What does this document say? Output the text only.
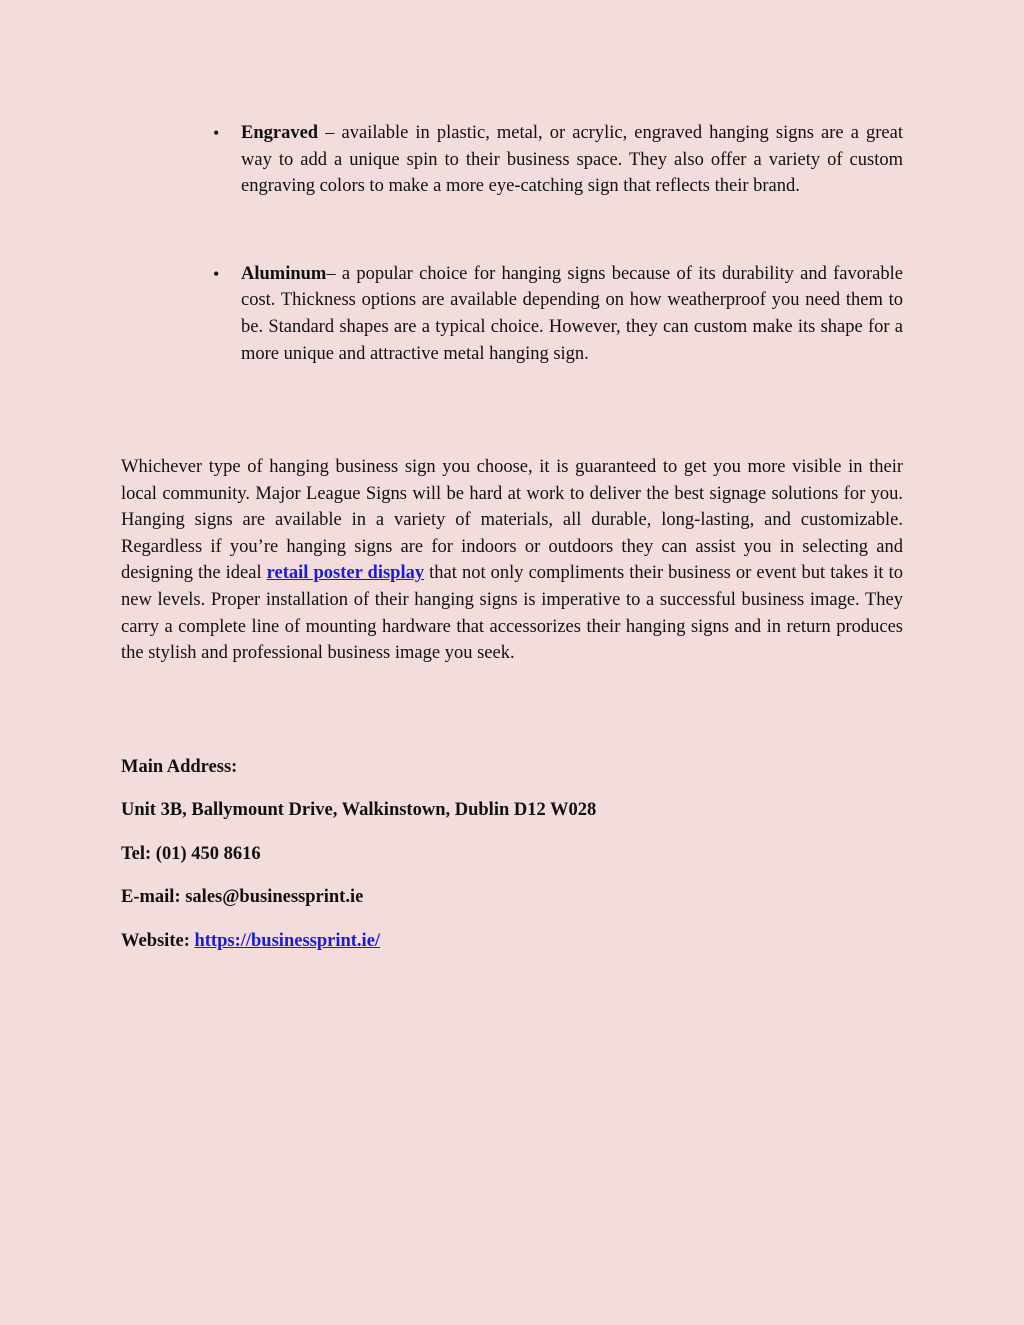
• Engraved – available in plastic, metal, or acrylic, engraved hanging signs are a great way to add a unique spin to their business space. They also offer a variety of custom engraving colors to make a more eye-catching sign that reflects their brand.
• Aluminum– a popular choice for hanging signs because of its durability and favorable cost. Thickness options are available depending on how weatherproof you need them to be. Standard shapes are a typical choice. However, they can custom make its shape for a more unique and attractive metal hanging sign.

Whichever type of hanging business sign you choose, it is guaranteed to get you more visible in their local community. Major League Signs will be hard at work to deliver the best signage solutions for you. Hanging signs are available in a variety of materials, all durable, long-lasting, and customizable. Regardless if you’re hanging signs are for indoors or outdoors they can assist you in selecting and designing the ideal retail poster display that not only compliments their business or event but takes it to new levels. Proper installation of their hanging signs is imperative to a successful business image. They carry a complete line of mounting hardware that accessorizes their hanging signs and in return produces the stylish and professional business image you seek.

Main Address:
Unit 3B, Ballymount Drive, Walkinstown, Dublin D12 W028
Tel: (01) 450 8616
E-mail: sales@businessprint.ie
Website: https://businessprint.ie/
